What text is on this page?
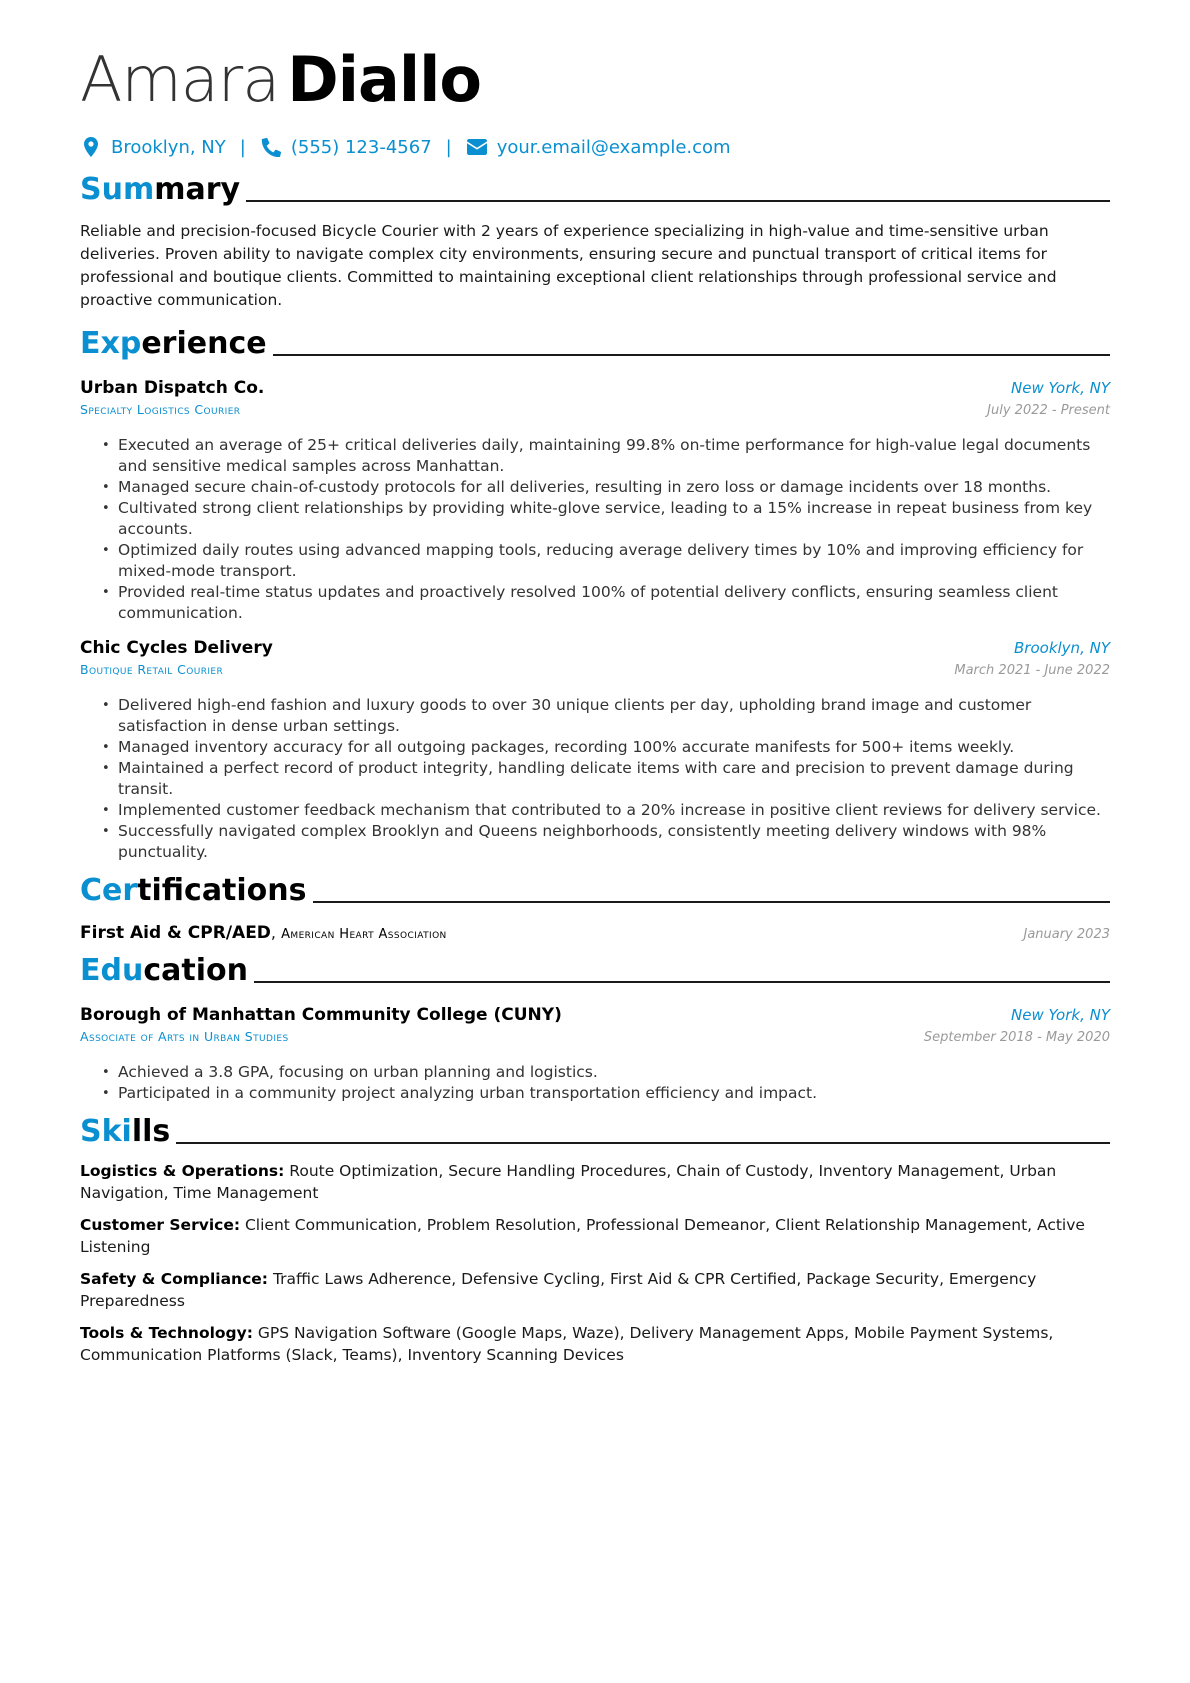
Amara Diallo
Brooklyn, NY |	(555) 123-4567 |	your.email@example.com
Summary

Reliable and precision-focused Bicycle Courier with 2 years of experience specializing in high-value and time-sensitive urban deliveries. Proven ability to navigate complex city environments, ensuring secure and punctual transport of critical items for professional and boutique clients. Committed to maintaining exceptional client relationships through professional service and proactive communication.

Experience
Urban Dispatch Co.	New York, NY
Specialty Logistics Courier	July 2022 - Present
• Executed an average of 25+ critical deliveries daily, maintaining 99.8% on-time performance for high-value legal documents and sensitive medical samples across Manhattan.
• Managed secure chain-of-custody protocols for all deliveries, resulting in zero loss or damage incidents over 18 months.
• Cultivated strong client relationships by providing white-glove service, leading to a 15% increase in repeat business from key accounts.
• Optimized daily routes using advanced mapping tools, reducing average delivery times by 10% and improving efficiency for mixed-mode transport.
• Provided real-time status updates and proactively resolved 100% of potential delivery conflicts, ensuring seamless client communication.
Chic Cycles Delivery	Brooklyn, NY
Boutique Retail Courier	March 2021 - June 2022
• Delivered high-end fashion and luxury goods to over 30 unique clients per day, upholding brand image and customer satisfaction in dense urban settings.
• Managed inventory accuracy for all outgoing packages, recording 100% accurate manifests for 500+ items weekly.
• Maintained a perfect record of product integrity, handling delicate items with care and precision to prevent damage during transit.
• Implemented customer feedback mechanism that contributed to a 20% increase in positive client reviews for delivery service.
• Successfully navigated complex Brooklyn and Queens neighborhoods, consistently meeting delivery windows with 98% punctuality.
Certifications
First Aid & CPR/AED, American Heart Association	January 2023
Education
Borough of Manhattan Community College (CUNY)	New York, NY
Associate of Arts in Urban Studies	September 2018 - May 2020
• Achieved a 3.8 GPA, focusing on urban planning and logistics.
• Participated in a community project analyzing urban transportation efficiency and impact.
Skills

Logistics & Operations: Route Optimization, Secure Handling Procedures, Chain of Custody, Inventory Management, Urban Navigation, Time Management

Customer Service: Client Communication, Problem Resolution, Professional Demeanor, Client Relationship Management, Active Listening

Safety & Compliance: Traffic Laws Adherence, Defensive Cycling, First Aid & CPR Certified, Package Security, Emergency Preparedness

Tools & Technology: GPS Navigation Software (Google Maps, Waze), Delivery Management Apps, Mobile Payment Systems, Communication Platforms (Slack, Teams), Inventory Scanning Devices
